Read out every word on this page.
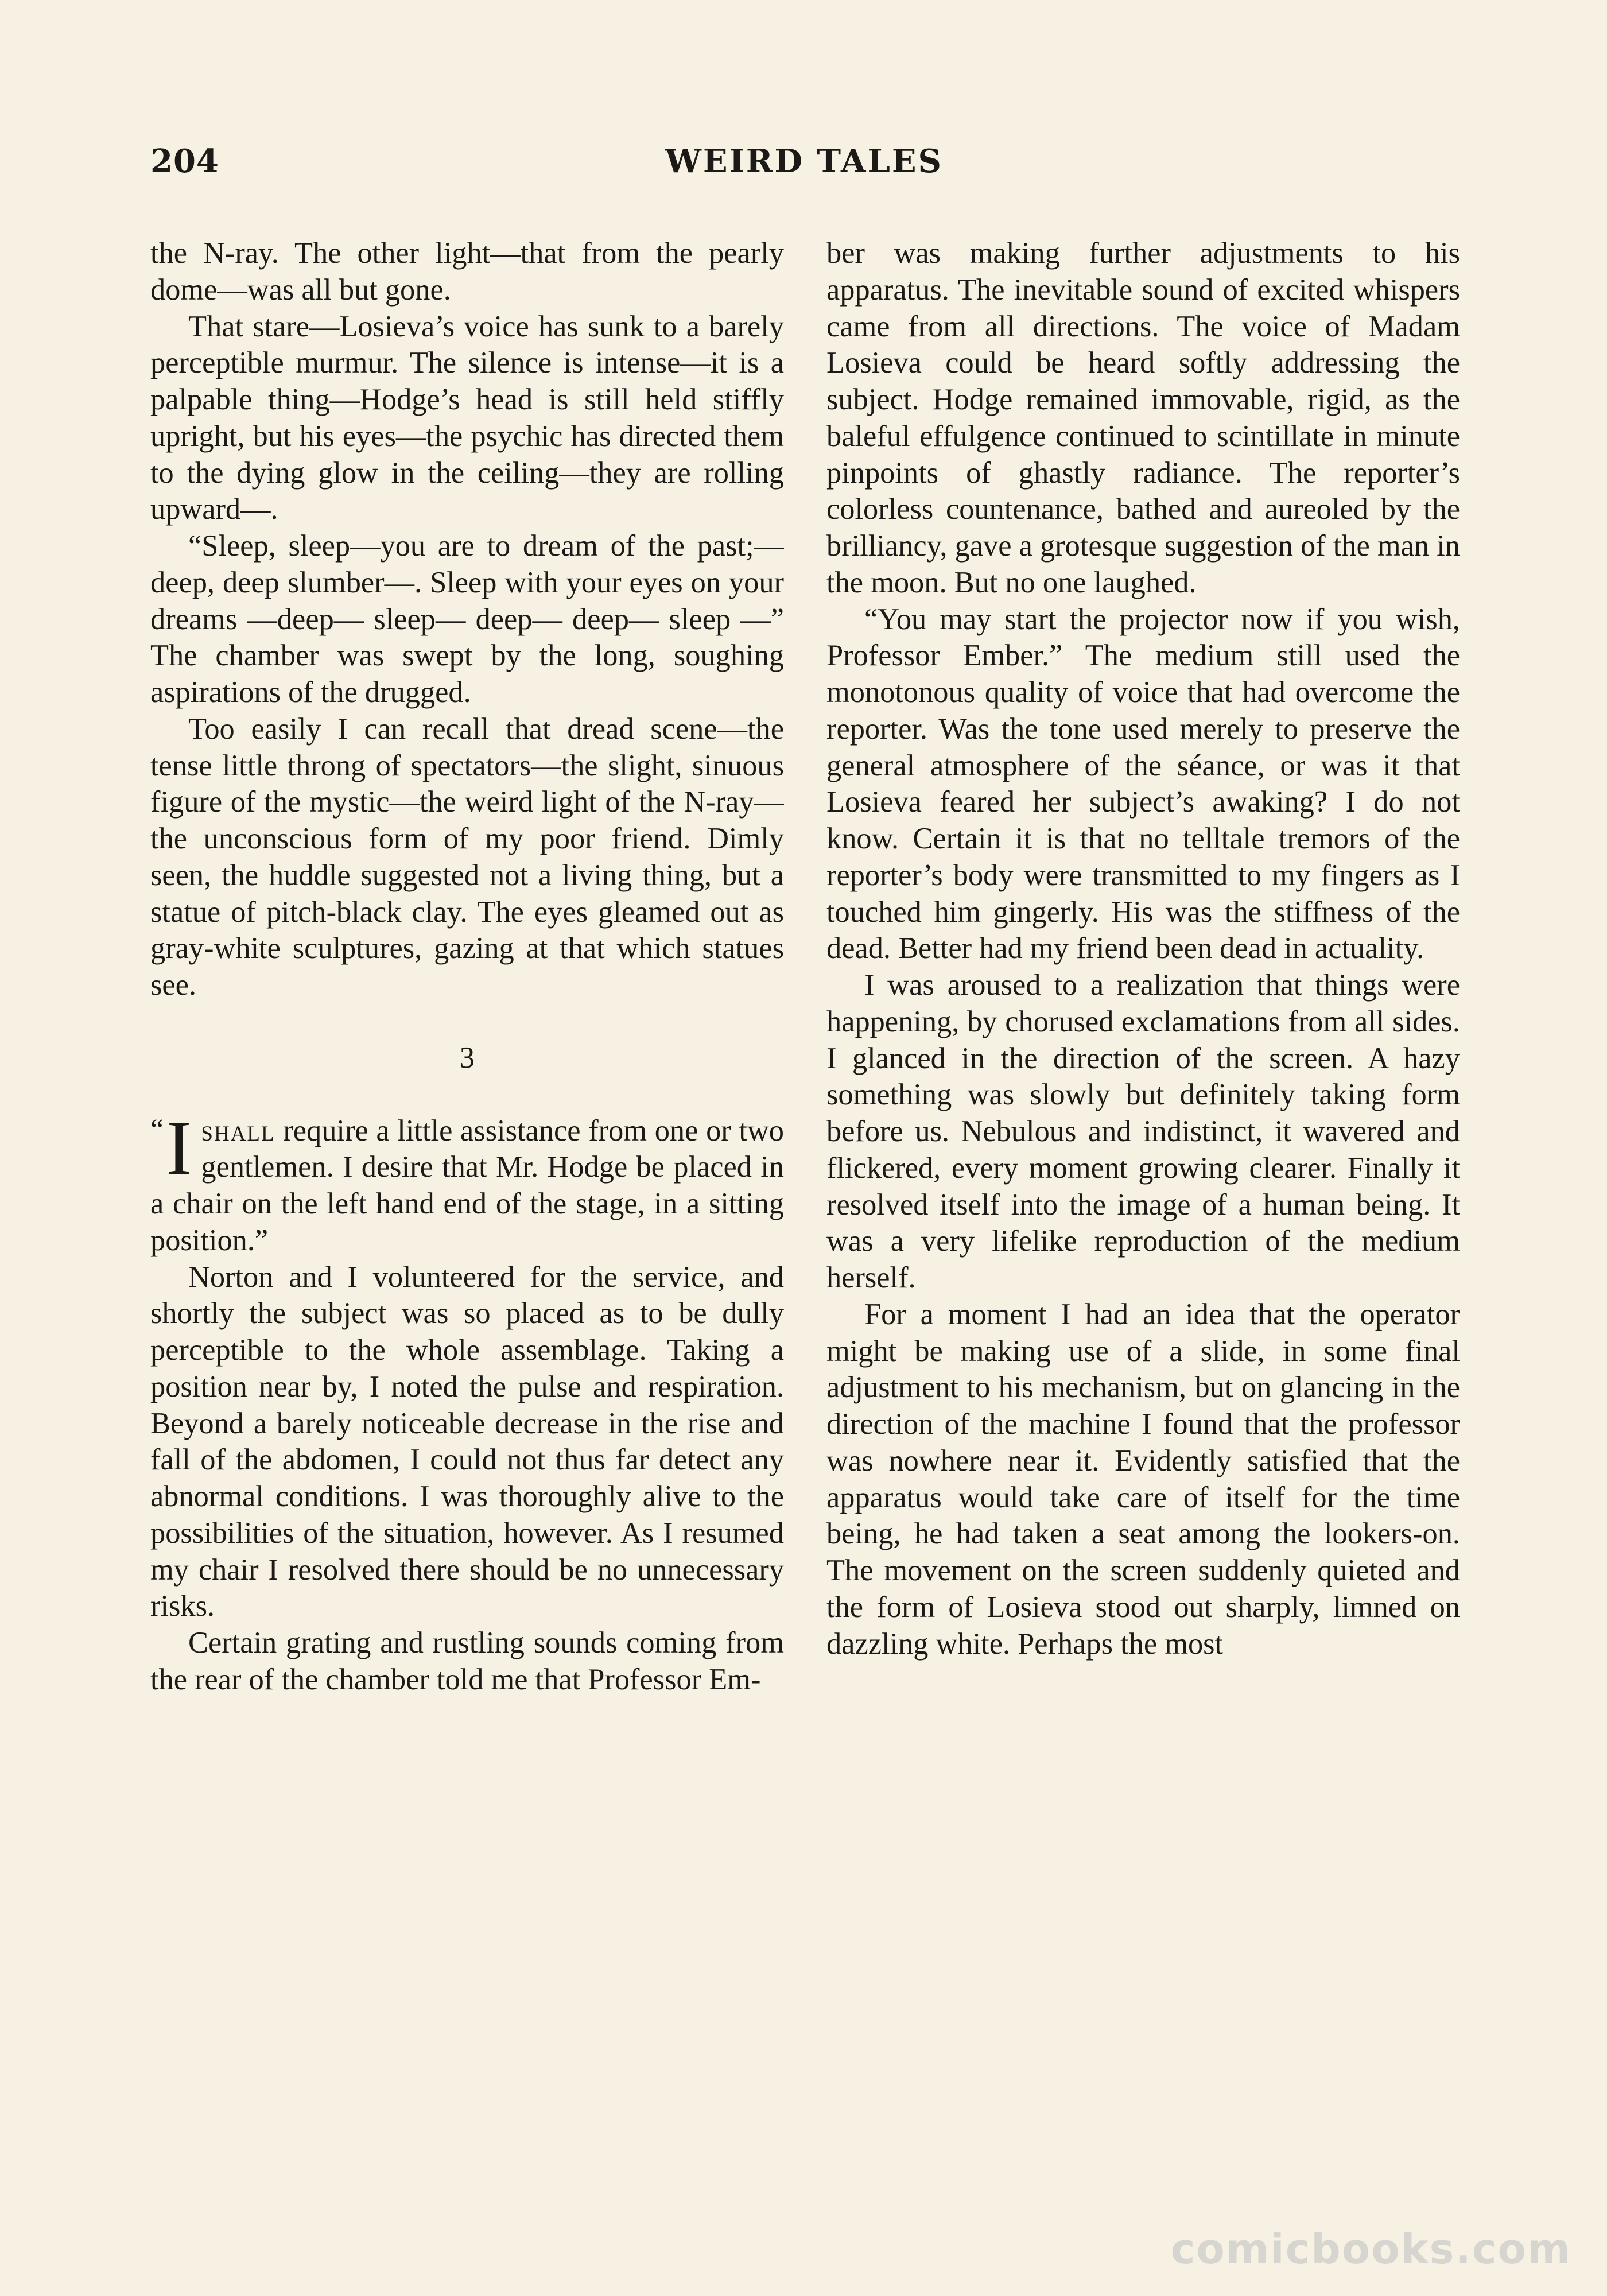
204	WEIRD TALES

the N-ray. The other light—that from the pearly dome—was all but gone.

That stare—Losieva’s voice has sunk to a barely perceptible murmur. The silence is intense—it is a palpable thing—Hodge’s head is still held stiffly upright, but his eyes—the psychic has directed them to the dying glow in the ceiling—they are rolling upward—.

“Sleep, sleep—you are to dream of the past;—deep, deep slumber—. Sleep with your eyes on your dreams —deep— sleep— deep— deep— sleep —” The chamber was swept by the long, soughing aspirations of the drugged.

Too easily I can recall that dread scene—the tense little throng of spectators—the slight, sinuous figure of the mystic—the weird light of the N-ray—the unconscious form of my poor friend. Dimly seen, the huddle suggested not a living thing, but a statue of pitch-black clay. The eyes gleamed out as gray-white sculptures, gazing at that which statues see.

3

“ I shall require a little assistance from one or two gentlemen. I desire that Mr. Hodge be placed in a chair on the left hand end of the stage, in a sitting position.”

Norton and I volunteered for the service, and shortly the subject was so placed as to be dully perceptible to the whole assemblage. Taking a position near by, I noted the pulse and respiration. Beyond a barely noticeable decrease in the rise and fall of the abdomen, I could not thus far detect any abnormal conditions. I was thoroughly alive to the possibilities of the situation, however. As I resumed my chair I resolved there should be no unnecessary risks.

Certain grating and rustling sounds coming from the rear of the chamber told me that Professor Em-

ber was making further adjustments to his apparatus. The inevitable sound of excited whispers came from all directions. The voice of Madam Losieva could be heard softly addressing the subject. Hodge remained immovable, rigid, as the baleful effulgence continued to scintillate in minute pinpoints of ghastly radiance. The reporter’s colorless countenance, bathed and aureoled by the brilliancy, gave a grotesque suggestion of the man in the moon. But no one laughed.

“You may start the projector now if you wish, Professor Ember.” The medium still used the monotonous quality of voice that had overcome the reporter. Was the tone used merely to preserve the general atmosphere of the séance, or was it that Losieva feared her subject’s awaking? I do not know. Certain it is that no telltale tremors of the reporter’s body were transmitted to my fingers as I touched him gingerly. His was the stiffness of the dead. Better had my friend been dead in actuality.

I was aroused to a realization that things were happening, by chorused exclamations from all sides. I glanced in the direction of the screen. A hazy something was slowly but definitely taking form before us. Nebulous and indistinct, it wavered and flickered, every moment growing clearer. Finally it resolved itself into the image of a human being. It was a very lifelike reproduction of the medium herself.

For a moment I had an idea that the operator might be making use of a slide, in some final adjustment to his mechanism, but on glancing in the direction of the machine I found that the professor was nowhere near it. Evidently satisfied that the apparatus would take care of itself for the time being, he had taken a seat among the lookers-on. The movement on the screen suddenly quieted and the form of Losieva stood out sharply, limned on dazzling white. Perhaps the most

comicbooks.com
